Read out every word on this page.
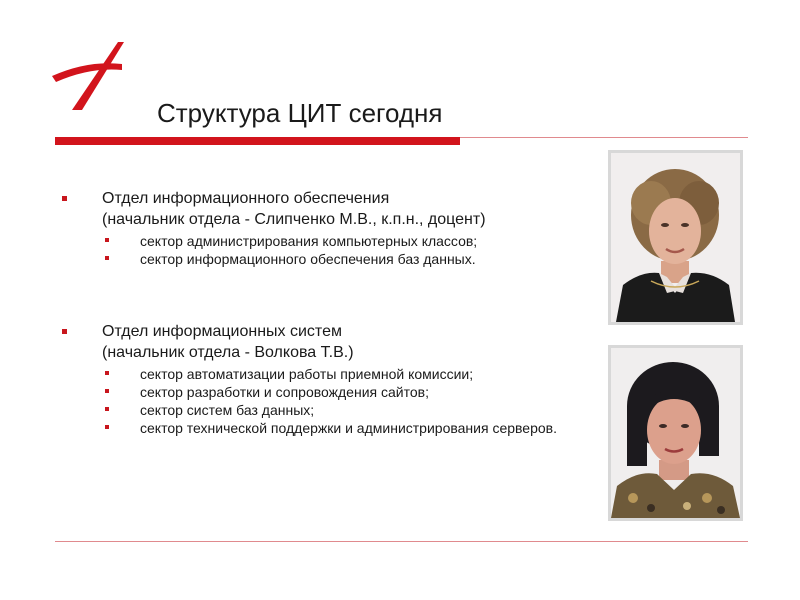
Структура ЦИТ сегодня
Отдел информационного обеспечения
(начальник отдела - Слипченко М.В., к.п.н., доцент)
сектор администрирования компьютерных классов;
сектор информационного обеспечения баз данных.
Отдел информационных систем
(начальник отдела - Волкова Т.В.)
сектор автоматизации работы приемной комиссии;
сектор разработки и сопровождения сайтов;
сектор систем баз данных;
сектор технической поддержки и администрирования серверов.
